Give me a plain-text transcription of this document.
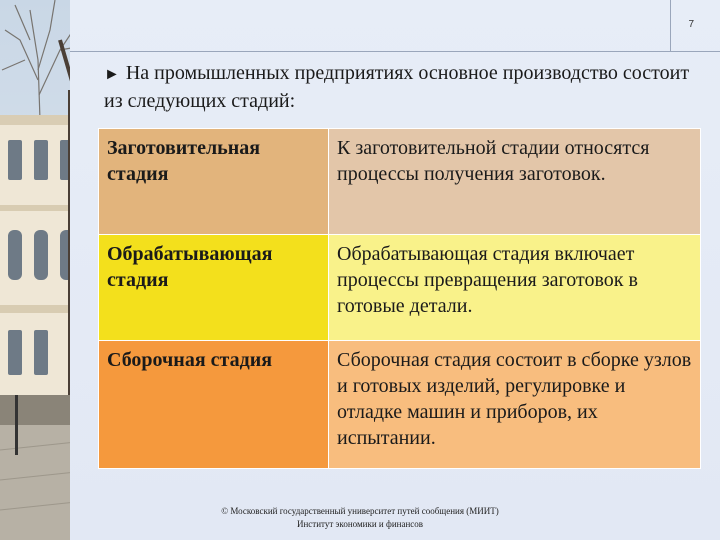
7
► На промышленных предприятиях основное производство состоит из следующих стадий:
Заготовительная стадия	К заготовительной стадии относятся процессы получения заготовок.
Обрабатывающая стадия	Обрабатывающая стадия включает процессы превращения заготовок в готовые детали.
Сборочная стадия	Сборочная стадия состоит в сборке узлов и готовых изделий, регулировке и отладке машин и приборов, их испытании.
© Московский государственный университет путей сообщения (МИИТ)
Институт экономики и финансов
